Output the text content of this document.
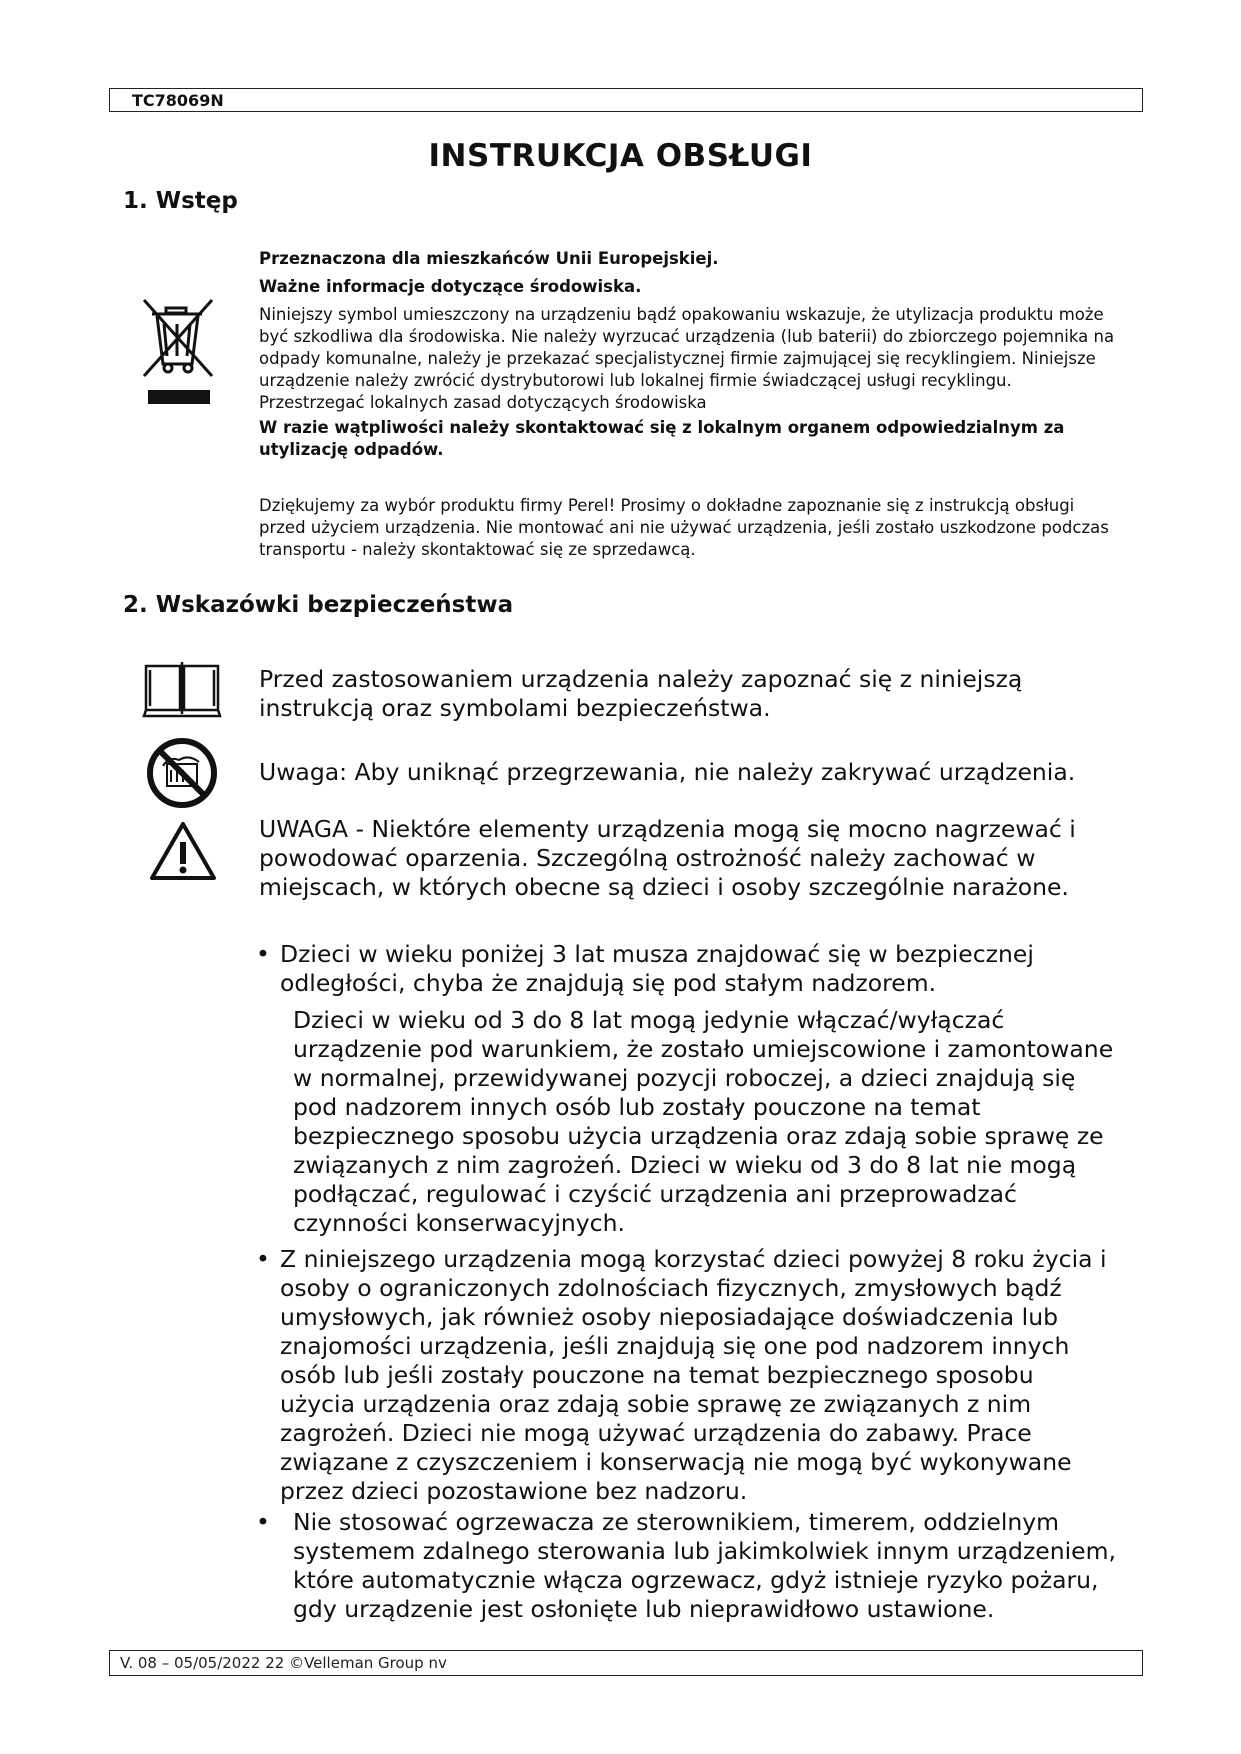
TC78069N
INSTRUKCJA OBSŁUGI
1. Wstęp
Przeznaczona dla mieszkańców Unii Europejskiej.
Ważne informacje dotyczące środowiska.
Niniejszy symbol umieszczony na urządzeniu bądź opakowaniu wskazuje, że utylizacja produktu może być szkodliwa dla środowiska. Nie należy wyrzucać urządzenia (lub baterii) do zbiorczego pojemnika na odpady komunalne, należy je przekazać specjalistycznej firmie zajmującej się recyklingiem. Niniejsze urządzenie należy zwrócić dystrybutorowi lub lokalnej firmie świadczącej usługi recyklingu. Przestrzegać lokalnych zasad dotyczących środowiska
W razie wątpliwości należy skontaktować się z lokalnym organem odpowiedzialnym za utylizację odpadów.
Dziękujemy za wybór produktu firmy Perel! Prosimy o dokładne zapoznanie się z instrukcją obsługi przed użyciem urządzenia. Nie montować ani nie używać urządzenia, jeśli zostało uszkodzone podczas transportu - należy skontaktować się ze sprzedawcą.
2. Wskazówki bezpieczeństwa
Przed zastosowaniem urządzenia należy zapoznać się z niniejszą instrukcją oraz symbolami bezpieczeństwa.
Uwaga: Aby uniknąć przegrzewania, nie należy zakrywać urządzenia.
UWAGA - Niektóre elementy urządzenia mogą się mocno nagrzewać i powodować oparzenia. Szczególną ostrożność należy zachować w miejscach, w których obecne są dzieci i osoby szczególnie narażone.
• Dzieci w wieku poniżej 3 lat musza znajdować się w bezpiecznej odległości, chyba że znajdują się pod stałym nadzorem.
Dzieci w wieku od 3 do 8 lat mogą jedynie włączać/wyłączać urządzenie pod warunkiem, że zostało umiejscowione i zamontowane w normalnej, przewidywanej pozycji roboczej, a dzieci znajdują się pod nadzorem innych osób lub zostały pouczone na temat bezpiecznego sposobu użycia urządzenia oraz zdają sobie sprawę ze związanych z nim zagrożeń. Dzieci w wieku od 3 do 8 lat nie mogą podłączać, regulować i czyścić urządzenia ani przeprowadzać czynności konserwacyjnych.
• Z niniejszego urządzenia mogą korzystać dzieci powyżej 8 roku życia i osoby o ograniczonych zdolnościach fizycznych, zmysłowych bądź umysłowych, jak również osoby nieposiadające doświadczenia lub znajomości urządzenia, jeśli znajdują się one pod nadzorem innych osób lub jeśli zostały pouczone na temat bezpiecznego sposobu użycia urządzenia oraz zdają sobie sprawę ze związanych z nim zagrożeń. Dzieci nie mogą używać urządzenia do zabawy. Prace związane z czyszczeniem i konserwacją nie mogą być wykonywane przez dzieci pozostawione bez nadzoru.
• Nie stosować ogrzewacza ze sterownikiem, timerem, oddzielnym systemem zdalnego sterowania lub jakimkolwiek innym urządzeniem, które automatycznie włącza ogrzewacz, gdyż istnieje ryzyko pożaru, gdy urządzenie jest osłonięte lub nieprawidłowo ustawione.
V. 08 – 05/05/2022 22 ©Velleman Group nv
